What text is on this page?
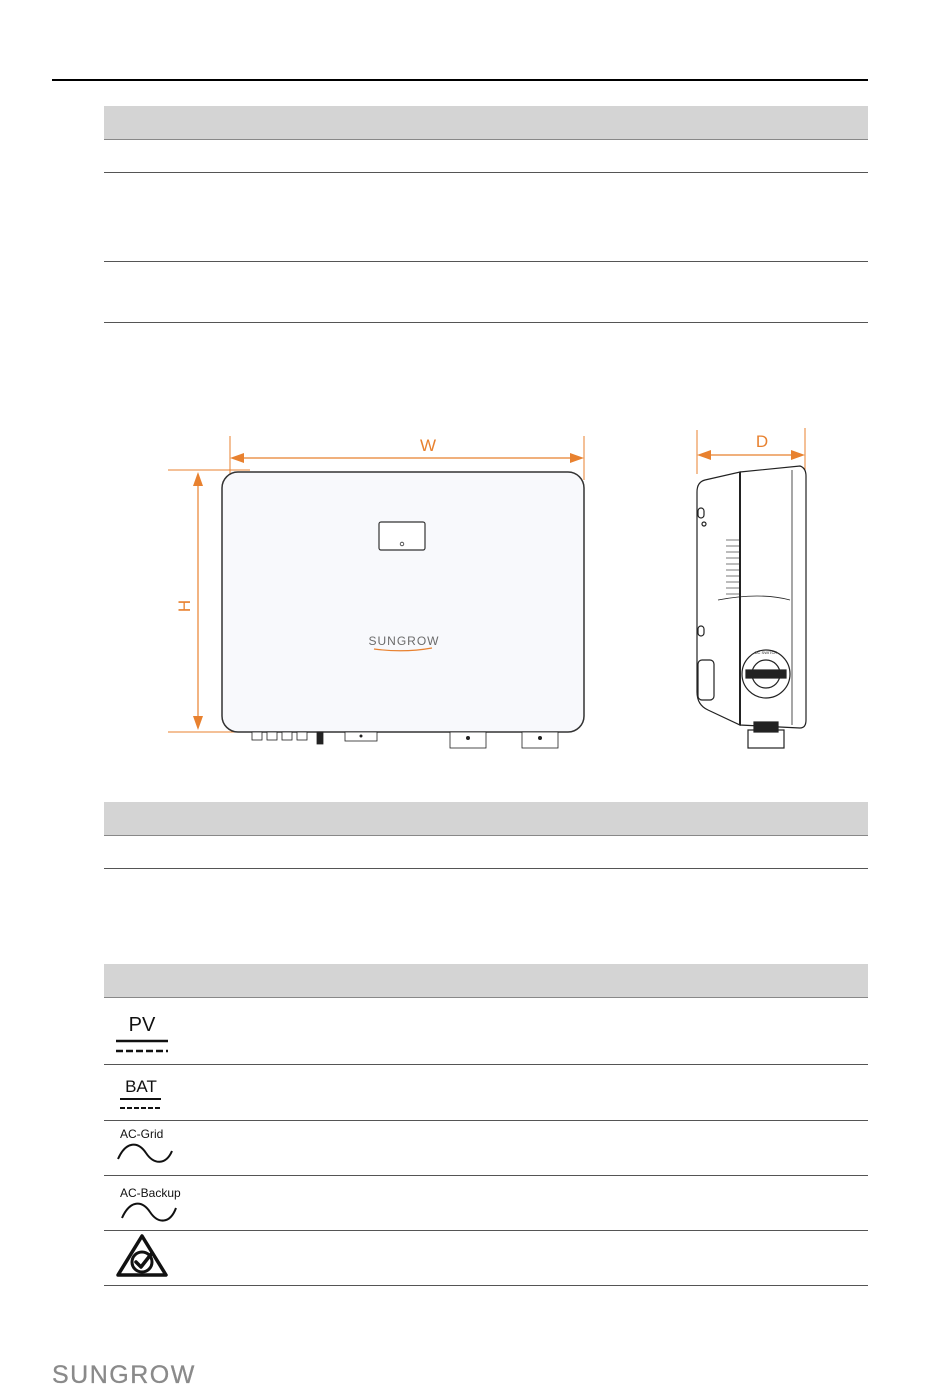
W
H
SUNGROW
D
DC SWITCH
PV
BAT
AC-Grid
AC-Backup
SUNGROW
